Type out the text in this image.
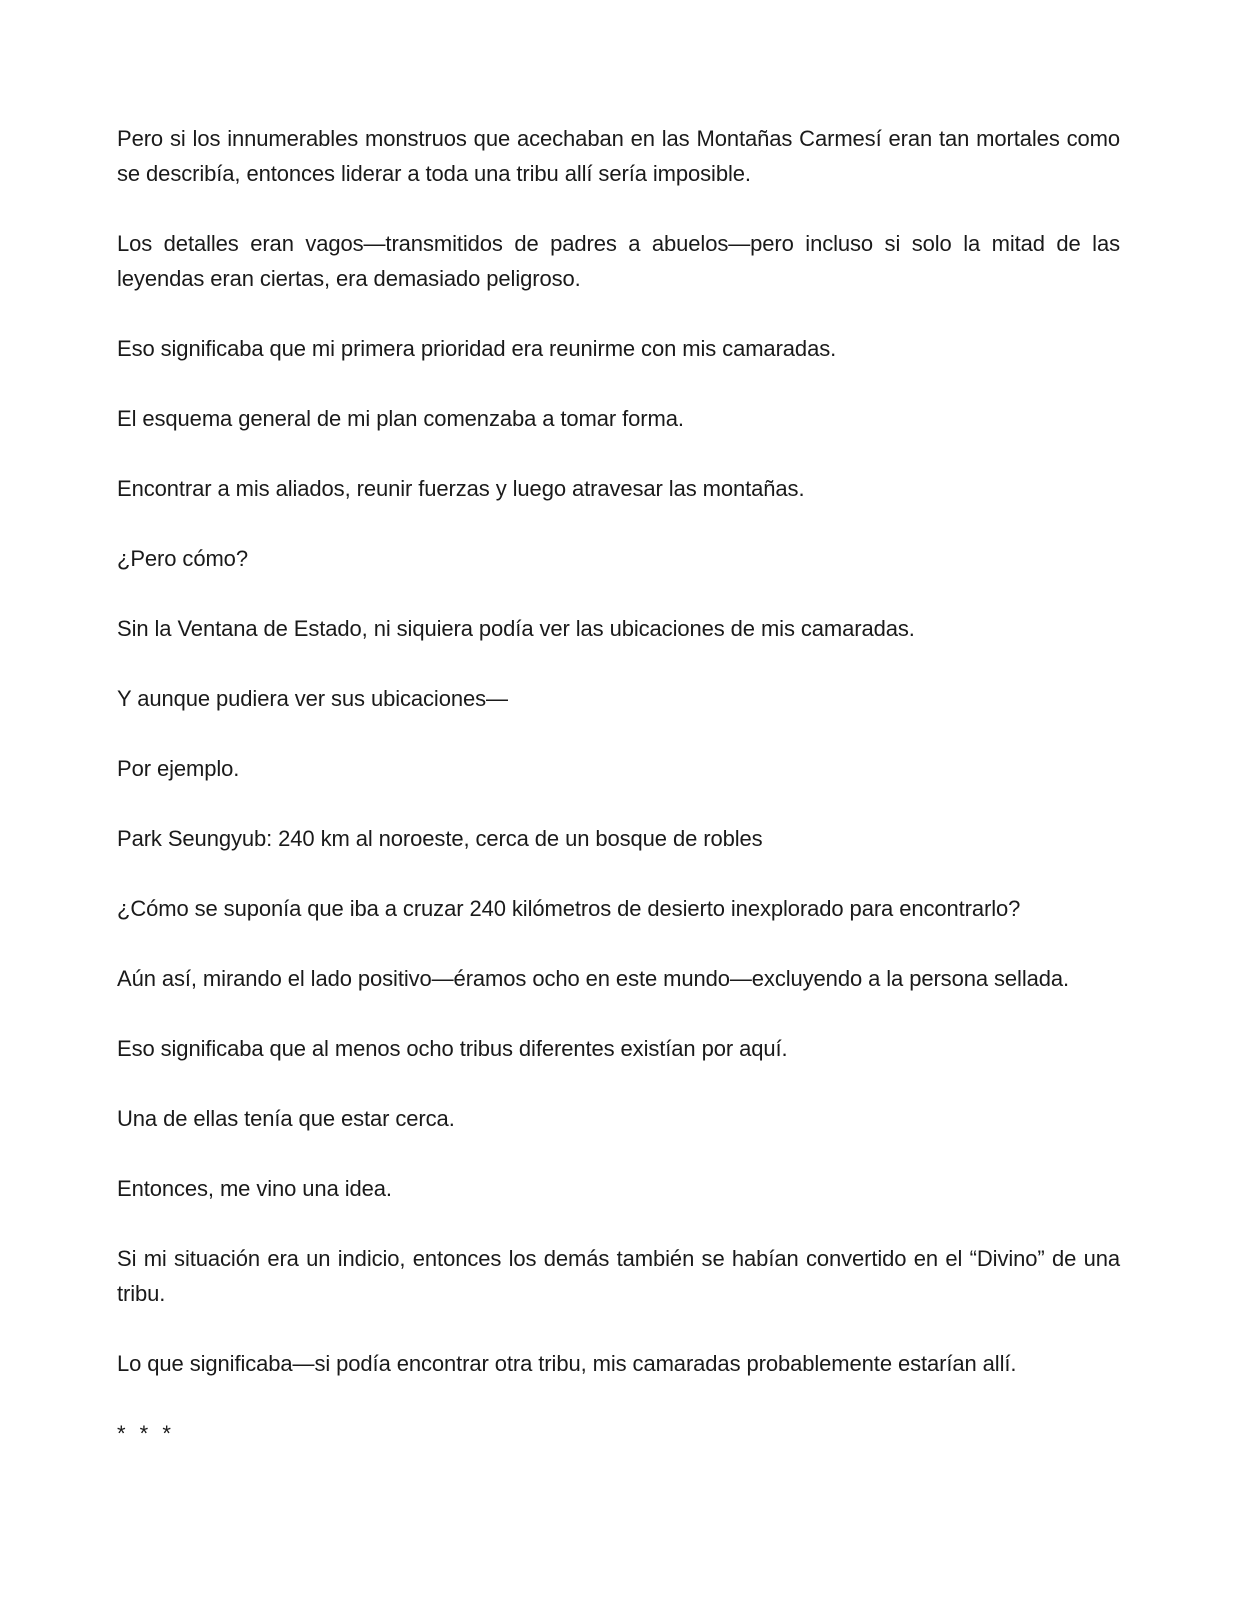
Pero si los innumerables monstruos que acechaban en las Montañas Carmesí eran tan mortales como se describía, entonces liderar a toda una tribu allí sería imposible.

Los detalles eran vagos—transmitidos de padres a abuelos—pero incluso si solo la mitad de las leyendas eran ciertas, era demasiado peligroso.

Eso significaba que mi primera prioridad era reunirme con mis camaradas.

El esquema general de mi plan comenzaba a tomar forma.

Encontrar a mis aliados, reunir fuerzas y luego atravesar las montañas.

¿Pero cómo?

Sin la Ventana de Estado, ni siquiera podía ver las ubicaciones de mis camaradas.

Y aunque pudiera ver sus ubicaciones—

Por ejemplo.

Park Seungyub: 240 km al noroeste, cerca de un bosque de robles

¿Cómo se suponía que iba a cruzar 240 kilómetros de desierto inexplorado para encontrarlo?

Aún así, mirando el lado positivo—éramos ocho en este mundo—excluyendo a la persona sellada.

Eso significaba que al menos ocho tribus diferentes existían por aquí.

Una de ellas tenía que estar cerca.

Entonces, me vino una idea.

Si mi situación era un indicio, entonces los demás también se habían convertido en el “Divino” de una tribu.

Lo que significaba—si podía encontrar otra tribu, mis camaradas probablemente estarían allí.

* * *
